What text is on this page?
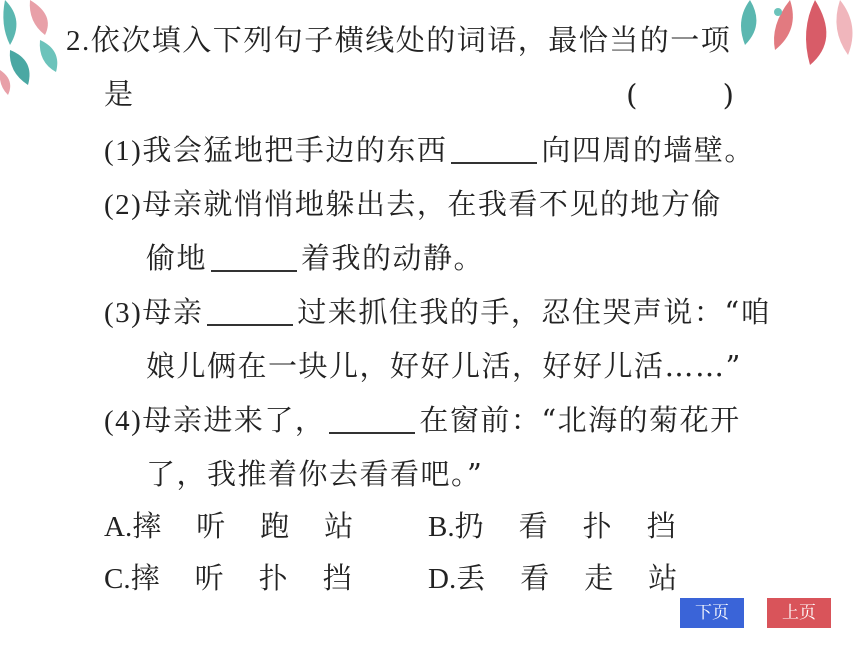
2.依次填入下列句子横线处的词语，最恰当的一项
是	( )
(1)我会猛地把手边的东西	向四周的墙壁。
(2)母亲就悄悄地躲出去，在我看不见的地方偷
偷地	着我的动静。
(3)母亲	过来抓住我的手，忍住哭声说：“咱
娘儿俩在一块儿，好好儿活，好好儿活……”
(4)母亲进来了，	在窗前：“北海的菊花开
了，我推着你去看看吧。”
A.摔 听 跑 站	B.扔 看 扑 挡
C.摔 听 扑 挡	D.丢 看 走 站
下页	上页
